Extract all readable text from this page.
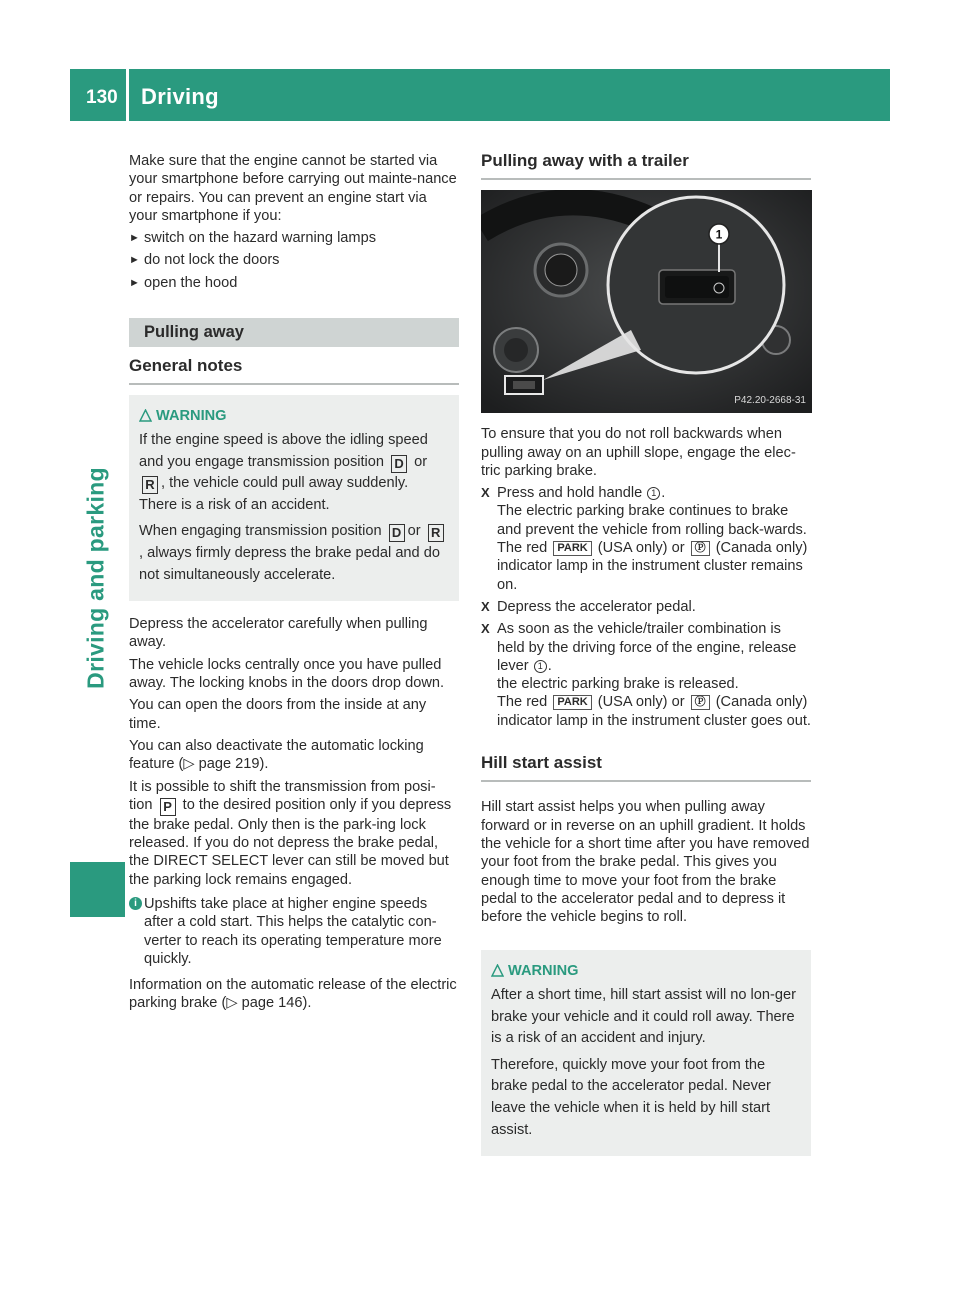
130 Driving
Driving and parking

Make sure that the engine cannot be started via your smartphone before carrying out mainte-nance or repairs. You can prevent an engine start via your smartphone if you:

► switch on the hazard warning lamps
► do not lock the doors
► open the hood
Pulling away
General notes
WARNING

If the engine speed is above the idling speed and you engage transmission position D or R , the vehicle could pull away suddenly. There is a risk of an accident.

When engaging transmission position D or R, always firmly depress the brake pedal and do not simultaneously accelerate.

Depress the accelerator carefully when pulling away.

The vehicle locks centrally once you have pulled away. The locking knobs in the doors drop down.

You can open the doors from the inside at any time.

You can also deactivate the automatic locking feature (▷ page 219).

It is possible to shift the transmission from posi-tion P to the desired position only if you depress the brake pedal. Only then is the park-ing lock released. If you do not depress the brake pedal, the DIRECT SELECT lever can still be moved but the parking lock remains engaged.

i Upshifts take place at higher engine speeds after a cold start. This helps the catalytic con-verter to reach its operating temperature more quickly.

Information on the automatic release of the electric parking brake (▷ page 146).

Pulling away with a trailer
1
P42.20-2668-31

To ensure that you do not roll backwards when pulling away on an uphill slope, engage the elec-tric parking brake.

X Press and hold handle 1 .

The electric parking brake continues to brake and prevent the vehicle from rolling back-wards.

The red PARK (USA only) or Ⓟ (Canada only) indicator lamp in the instrument cluster remains on.

X Depress the accelerator pedal.
X As soon as the vehicle/trailer combination is held by the driving force of the engine, release lever 1 .

the electric parking brake is released.

The red PARK (USA only) or Ⓟ (Canada only) indicator lamp in the instrument cluster goes out.

Hill start assist

Hill start assist helps you when pulling away forward or in reverse on an uphill gradient. It holds the vehicle for a short time after you have removed your foot from the brake pedal. This gives you enough time to move your foot from the brake pedal to the accelerator pedal and to depress it before the vehicle begins to roll.

WARNING

After a short time, hill start assist will no lon-ger brake your vehicle and it could roll away. There is a risk of an accident and injury.

Therefore, quickly move your foot from the brake pedal to the accelerator pedal. Never leave the vehicle when it is held by hill start assist.
